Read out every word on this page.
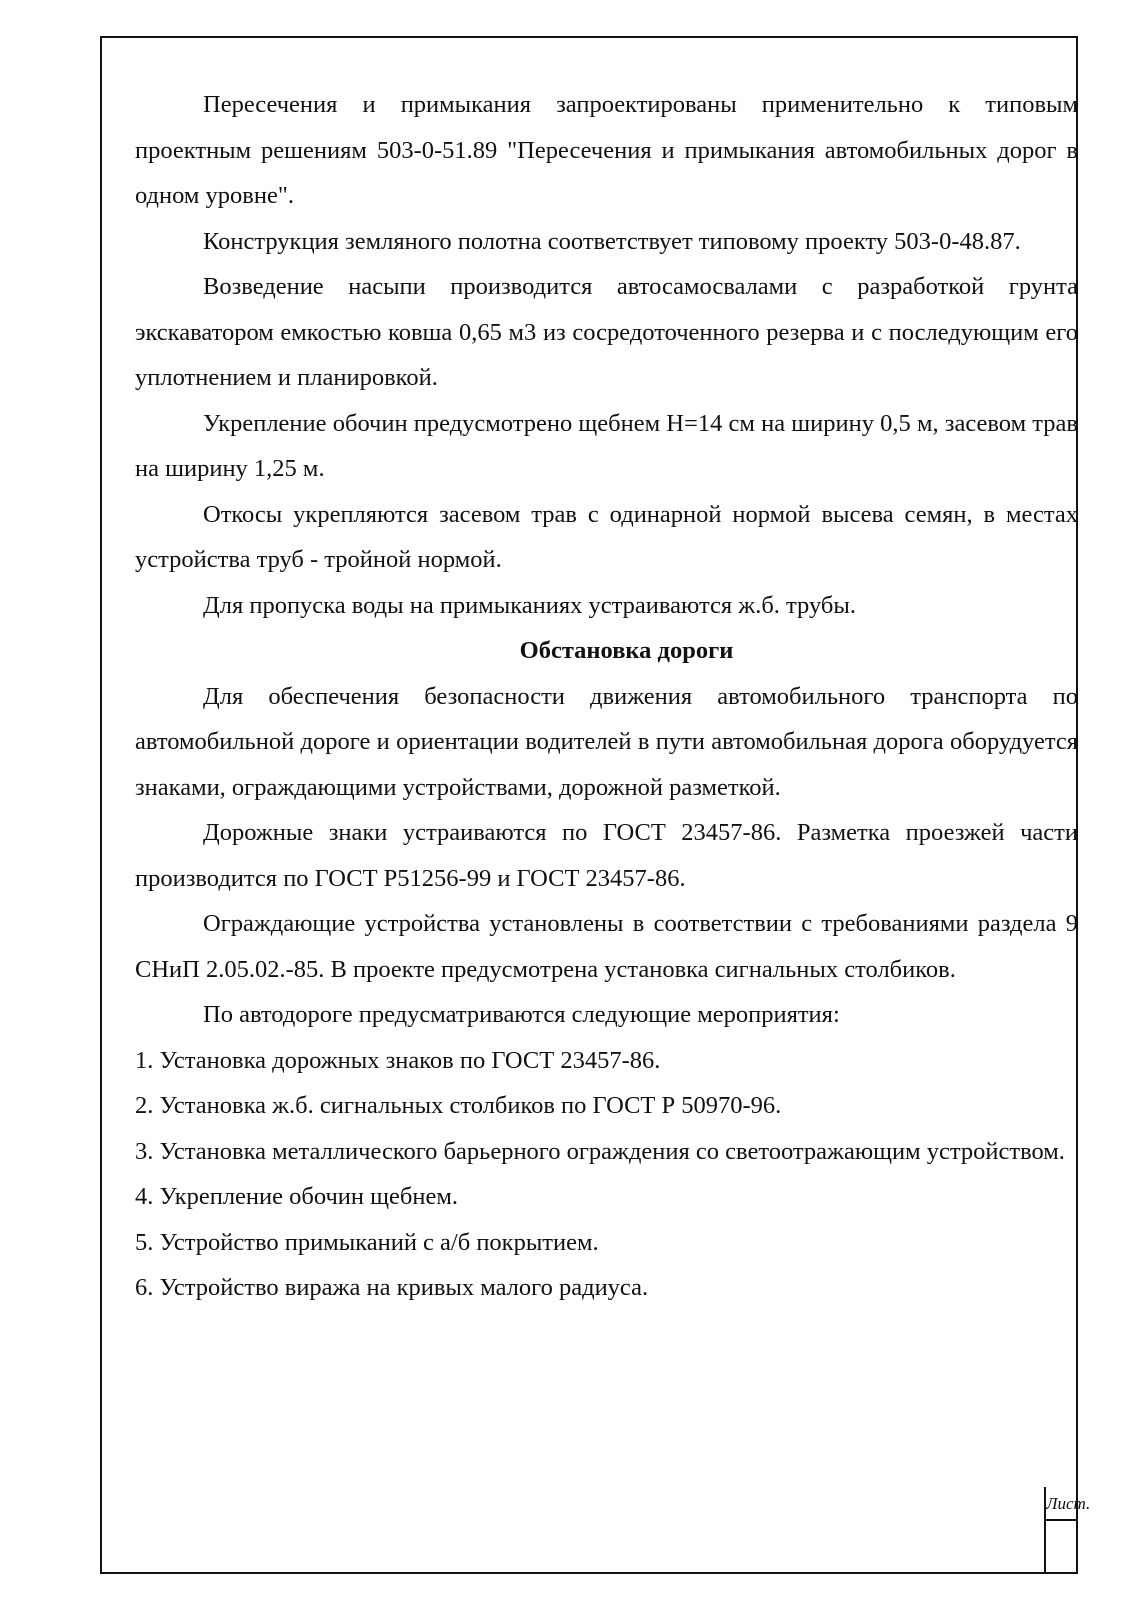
Пересечения и примыкания запроектированы применительно к типовым проектным решениям 503-0-51.89 "Пересечения и примыкания автомобильных дорог в одном уровне".

Конструкция земляного полотна соответствует типовому проекту 503-0-48.87.

Возведение насыпи производится автосамосвалами с разработкой грунта экскаватором емкостью ковша 0,65 м3 из сосредоточенного резерва и с последующим его уплотнением и планировкой.

Укрепление обочин предусмотрено щебнем Н=14 см на ширину 0,5 м, засевом трав на ширину 1,25 м.

Откосы укрепляются засевом трав с одинарной нормой высева семян, в местах устройства труб - тройной нормой.

Для пропуска воды на примыканиях устраиваются ж.б. трубы.

Обстановка дороги

Для обеспечения безопасности движения автомобильного транспорта по автомобильной дороге и ориентации водителей в пути автомобильная дорога оборудуется знаками, ограждающими устройствами, дорожной разметкой.

Дорожные знаки устраиваются по ГОСТ 23457-86. Разметка проезжей части производится по ГОСТ Р51256-99 и ГОСТ 23457-86.

Ограждающие устройства установлены в соответствии с требованиями раздела 9 СНиП 2.05.02.-85. В проекте предусмотрена установка сигнальных столбиков.

По автодороге предусматриваются следующие мероприятия:

1. Установка дорожных знаков по ГОСТ 23457-86.

2. Установка ж.б. сигнальных столбиков по ГОСТ Р 50970-96.

3. Установка металлического барьерного ограждения со светоотражающим устройством.

4. Укрепление обочин щебнем.

5. Устройство примыканий с а/б покрытием.

6. Устройство виража на кривых малого радиуса.

Лист.
